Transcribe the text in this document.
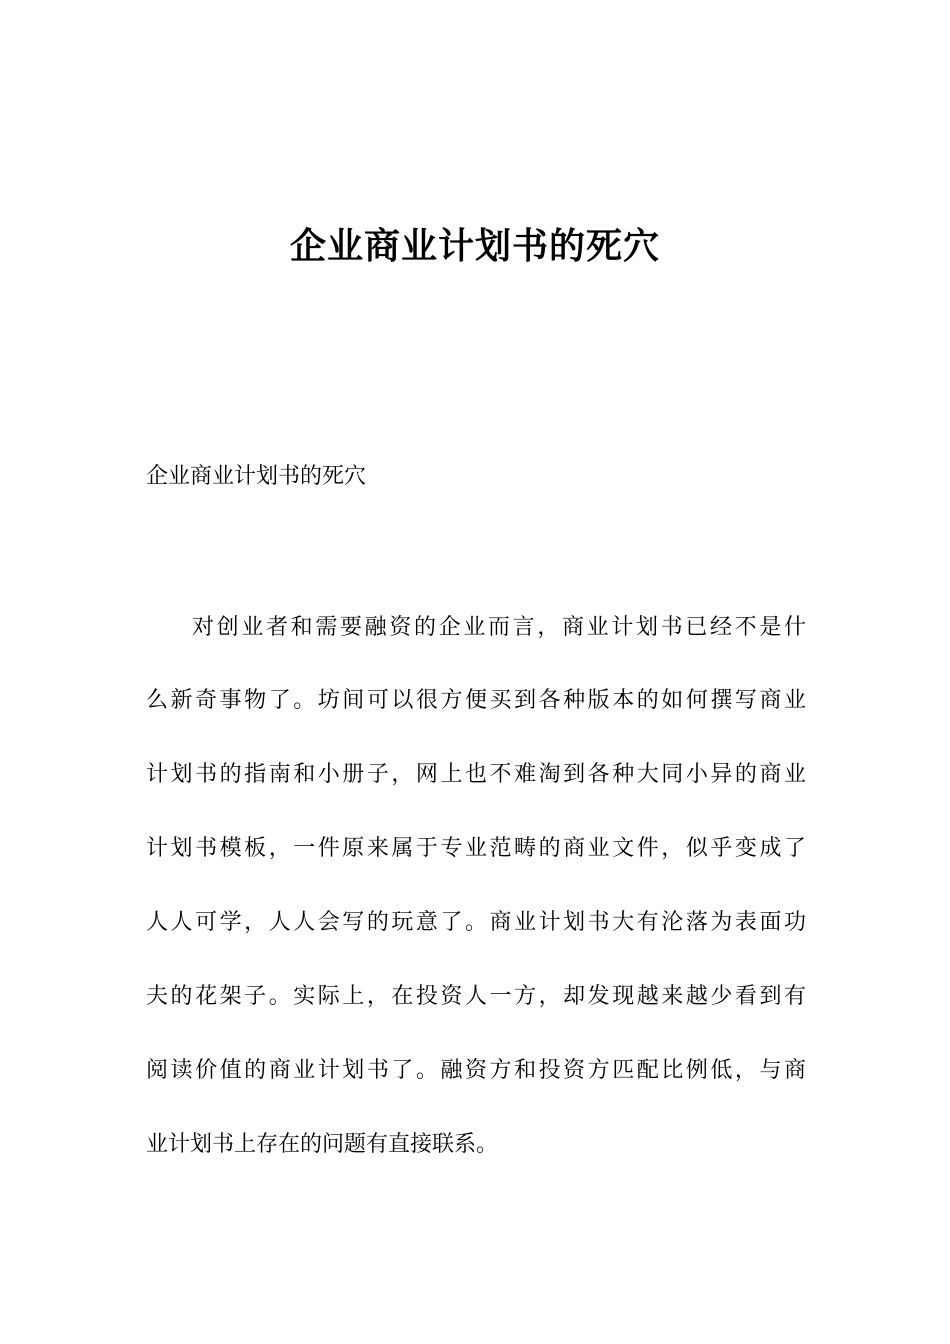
企业商业计划书的死穴

企业商业计划书的死穴

对创业者和需要融资的企业而言，商业计划书已经不是什
么新奇事物了。坊间可以很方便买到各种版本的如何撰写商业
计划书的指南和小册子，网上也不难淘到各种大同小异的商业
计划书模板，一件原来属于专业范畴的商业文件，似乎变成了
人人可学，人人会写的玩意了。商业计划书大有沦落为表面功
夫的花架子。实际上，在投资人一方，却发现越来越少看到有
阅读价值的商业计划书了。融资方和投资方匹配比例低，与商
业计划书上存在的问题有直接联系。
